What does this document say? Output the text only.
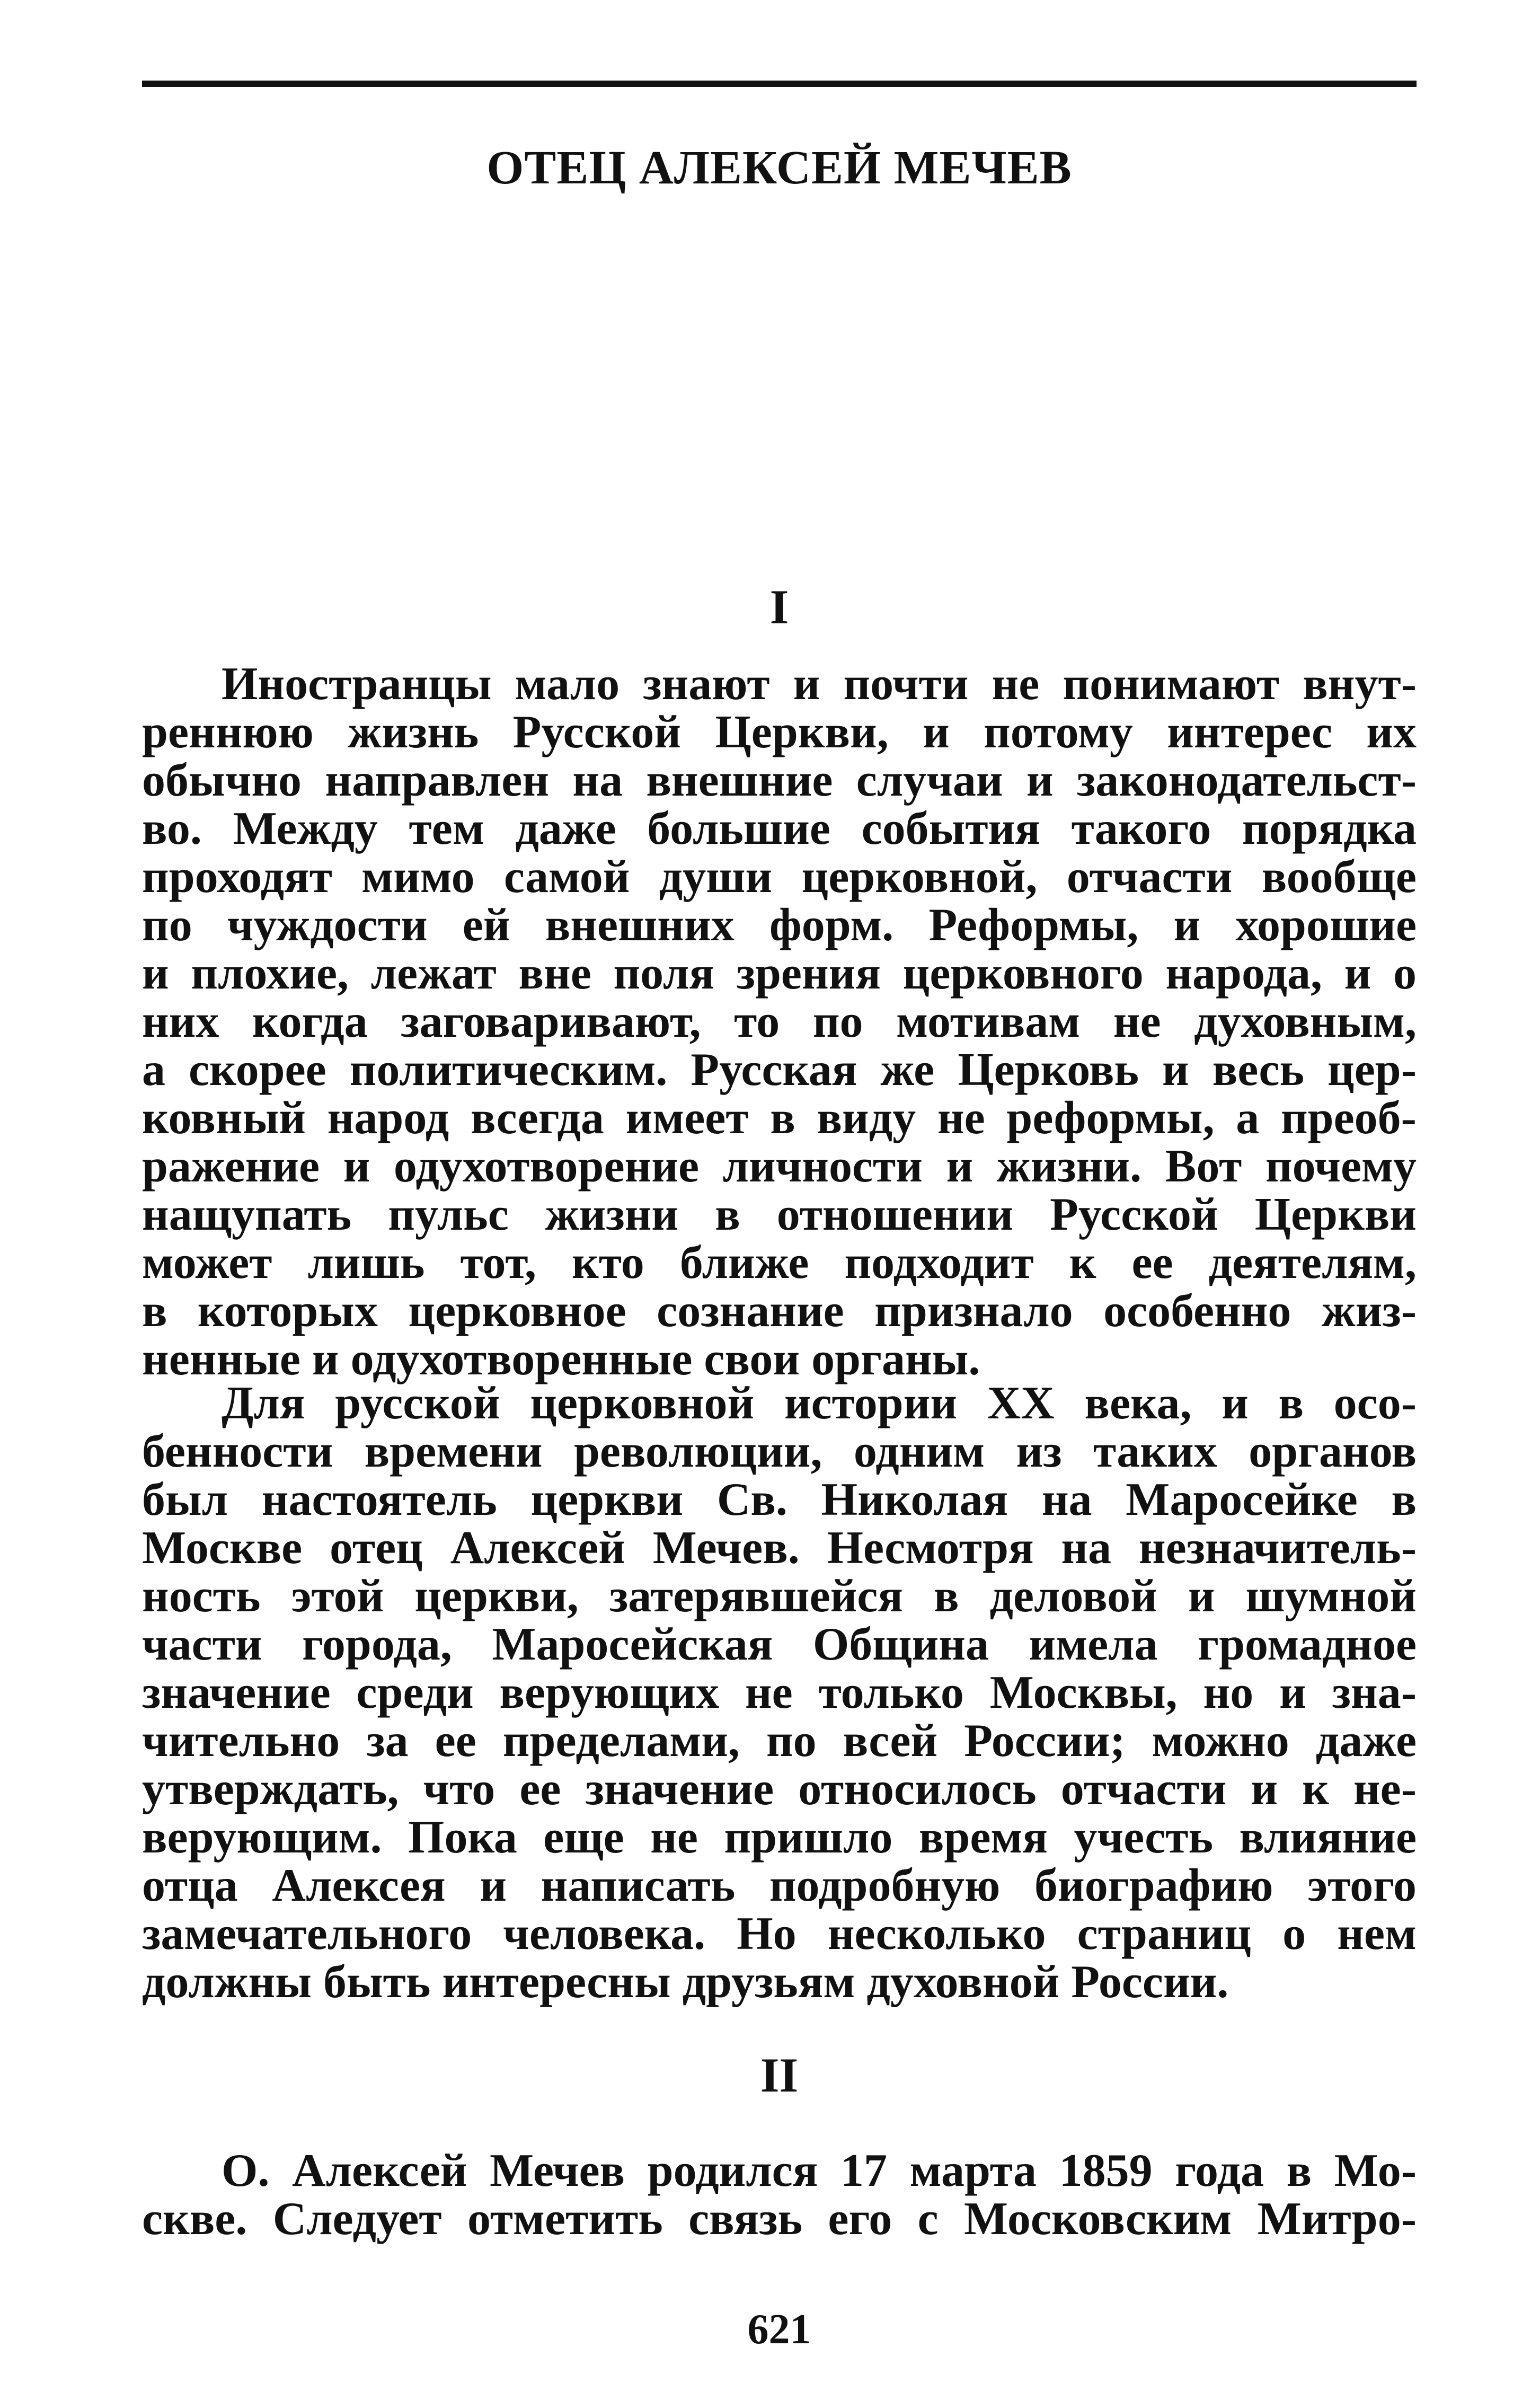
ОТЕЦ АЛЕКСЕЙ МЕЧЕВ
I
Иностранцы мало знают и почти не понимают внут-
реннюю жизнь Русской Церкви, и потому интерес их
обычно направлен на внешние случаи и законодательст-
во. Между тем даже большие события такого порядка
проходят мимо самой души церковной, отчасти вообще
по чуждости ей внешних форм. Реформы, и хорошие
и плохие, лежат вне поля зрения церковного народа, и о
них когда заговаривают, то по мотивам не духовным,
а скорее политическим. Русская же Церковь и весь цер-
ковный народ всегда имеет в виду не реформы, а преоб-
ражение и одухотворение личности и жизни. Вот почему
нащупать пульс жизни в отношении Русской Церкви
может лишь тот, кто ближе подходит к ее деятелям,
в которых церковное сознание признало особенно жиз-
ненные и одухотворенные свои органы.
Для русской церковной истории XX века, и в осо-
бенности времени революции, одним из таких органов
был настоятель церкви Св. Николая на Маросейке в
Москве отец Алексей Мечев. Несмотря на незначитель-
ность этой церкви, затерявшейся в деловой и шумной
части города, Маросейская Община имела громадное
значение среди верующих не только Москвы, но и зна-
чительно за ее пределами, по всей России; можно даже
утверждать, что ее значение относилось отчасти и к не-
верующим. Пока еще не пришло время учесть влияние
отца Алексея и написать подробную биографию этого
замечательного человека. Но несколько страниц о нем
должны быть интересны друзьям духовной России.
II
О. Алексей Мечев родился 17 марта 1859 года в Мо-
скве. Следует отметить связь его с Московским Митро-
621
